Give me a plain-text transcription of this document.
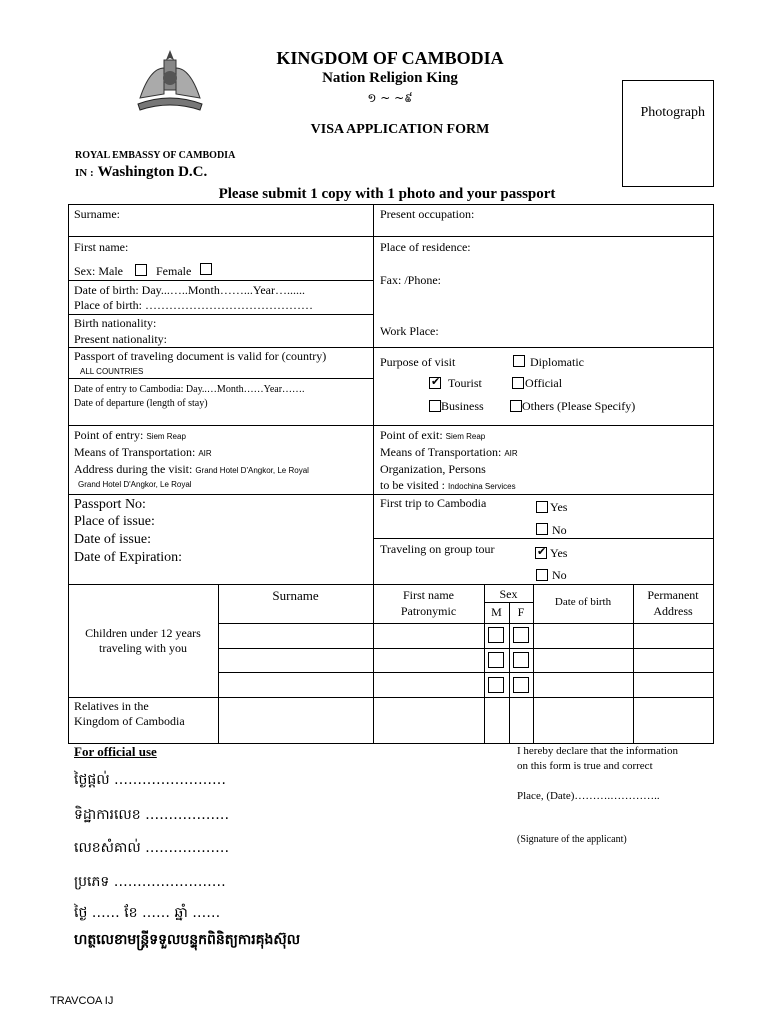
KINGDOM OF CAMBODIA
Nation Religion King
១ ~ ~៩
VISA APPLICATION FORM
Photograph
ROYAL EMBASSY OF CAMBODIA
IN : Washington D.C.
Please submit 1 copy with 1 photo and your passport
Surname:
First name:
Sex: Male	Female
Date of birth: Day...…..Month……...Year…......
Place of birth: ……………………………………
Birth nationality:
Present nationality:
Passport of traveling document is valid for (country)
ALL COUNTRIES
Date of entry to Cambodia: Day..…Month……Year…….
Date of departure (length of stay)
Point of entry: Siem Reap
Means of Transportation: AIR
Address during the visit: Grand Hotel D'Angkor, Le Royal
Grand Hotel D'Angkor, Le Royal
Passport No:
Place of issue:
Date of issue:
Date of Expiration:
Present occupation:
Place of residence:
Fax: /Phone:
Work Place:
Purpose of visit	Diplomatic
✔
Tourist	Official
Business	Others (Please Specify)
Point of exit: Siem Reap
Means of Transportation: AIR
Organization, Persons
to be visited : Indochina Services
First trip to Cambodia	Yes
No
Traveling on group tour
✔	Yes
No
Surname	First name
Patronymic
Sex
M	F
Date of birth	Permanent
Address
Children under 12 years
traveling with you
Relatives in the
Kingdom of Cambodia
For official use
ថ្ងៃផ្តល់ ……………………
ទិដ្ឋាការលេខ ………………
លេខសំគាល់ ………………
ប្រភេទ ……………………
ថ្ងៃ …… ខែ …… ឆ្នាំ ……
ហត្ថលេខាមន្ត្រីទទួលបន្ទុកពិនិត្យការគុងស៊ុល
I hereby declare that the information
on this form is true and correct
Place, (Date)……….…………..
(Signature of the applicant)
TRAVCOA IJ
